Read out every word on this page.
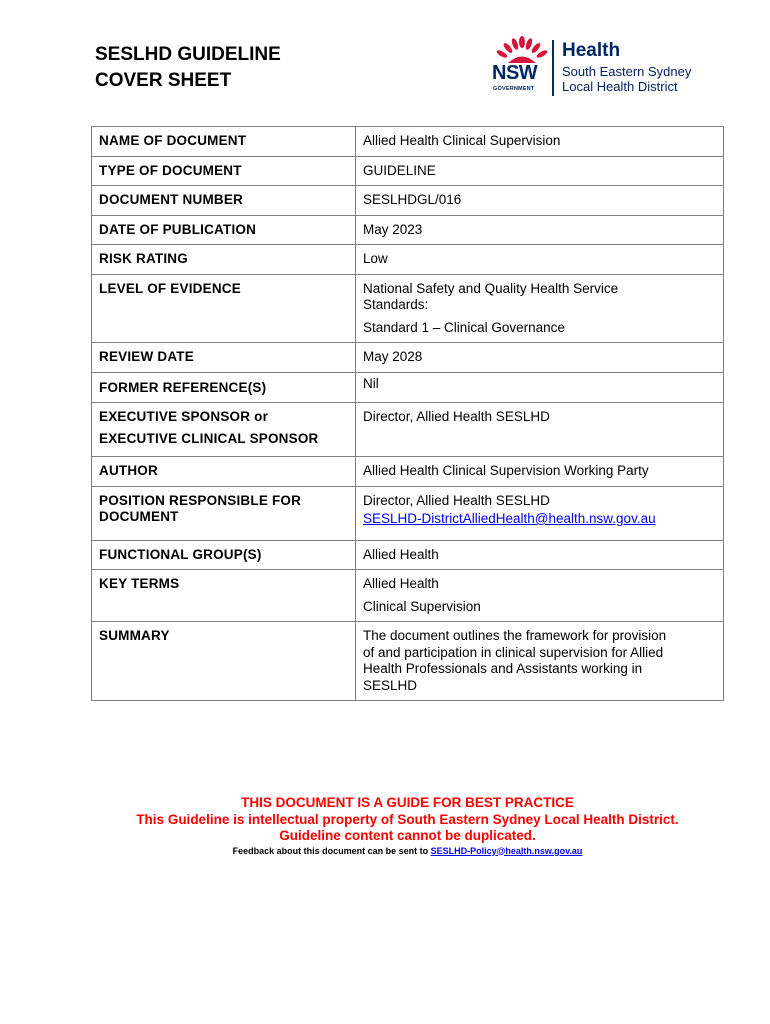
SESLHD GUIDELINE
COVER SHEET	NSW
GOVERNMENT
Health
South Eastern Sydney
Local Health District
NAME OF DOCUMENT	Allied Health Clinical Supervision
TYPE OF DOCUMENT	GUIDELINE
DOCUMENT NUMBER	SESLHDGL/016
DATE OF PUBLICATION	May 2023
RISK RATING	Low
LEVEL OF EVIDENCE	National Safety and Quality Health Service
Standards:
Standard 1 – Clinical Governance

REVIEW DATE	May 2028
FORMER REFERENCE(S)	Nil

EXECUTIVE SPONSOR or
EXECUTIVE CLINICAL SPONSOR	Director, Allied Health SESLHD
AUTHOR	Allied Health Clinical Supervision Working Party

POSITION RESPONSIBLE FOR
DOCUMENT	Director, Allied Health SESLHD
SESLHD-DistrictAlliedHealth@health.nsw.gov.au

FUNCTIONAL GROUP(S)	Allied Health
KEY TERMS	Allied Health
Clinical Supervision

SUMMARY	The document outlines the framework for provision
of and participation in clinical supervision for Allied
Health Professionals and Assistants working in
SESLHD
THIS DOCUMENT IS A GUIDE FOR BEST PRACTICE
This Guideline is intellectual property of South Eastern Sydney Local Health District.
Guideline content cannot be duplicated.
Feedback about this document can be sent to SESLHD-Policy@health.nsw.gov.au
